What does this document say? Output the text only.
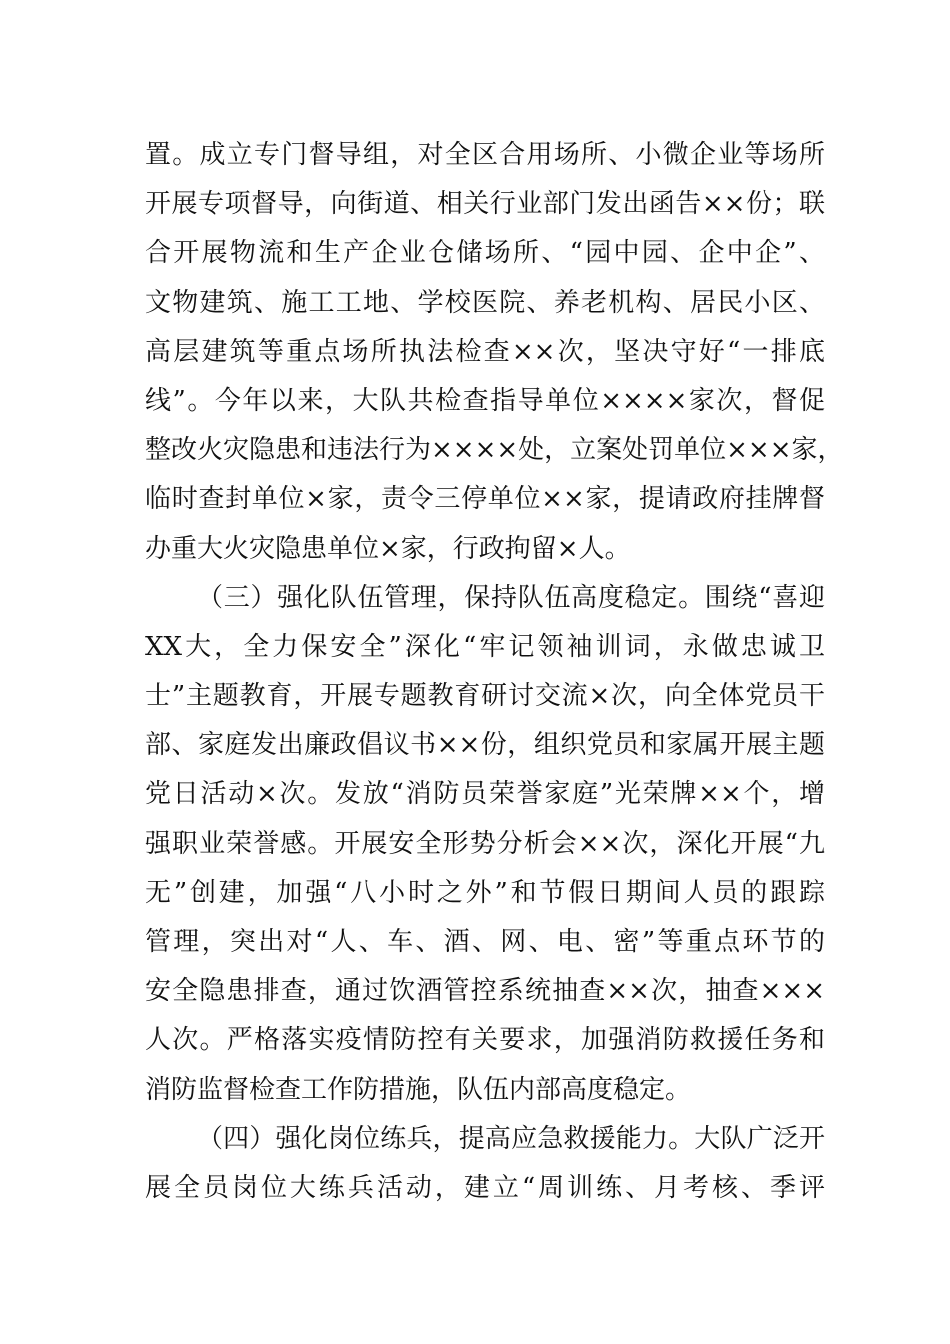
置。成立专门督导组，对全区合用场所、小微企业等场所
开展专项督导，向街道、相关行业部门发出函告××份；联
合开展物流和生产企业仓储场所、“园中园、企中企”、
文物建筑、施工工地、学校医院、养老机构、居民小区、
高层建筑等重点场所执法检查××次，坚决守好“一排底
线”。今年以来，大队共检查指导单位××××家次，督促
整改火灾隐患和违法行为××××处，立案处罚单位×××家，
临时查封单位×家，责令三停单位××家，提请政府挂牌督
办重大火灾隐患单位×家，行政拘留×人。
（三）强化队伍管理，保持队伍高度稳定。围绕“喜迎
XX大，全力保安全”深化“牢记领袖训词，永做忠诚卫
士”主题教育，开展专题教育研讨交流×次，向全体党员干
部、家庭发出廉政倡议书××份，组织党员和家属开展主题
党日活动×次。发放“消防员荣誉家庭”光荣牌××个，增
强职业荣誉感。开展安全形势分析会××次，深化开展“九
无”创建，加强“八小时之外”和节假日期间人员的跟踪
管理，突出对“人、车、酒、网、电、密”等重点环节的
安全隐患排查，通过饮酒管控系统抽查××次，抽查×××
人次。严格落实疫情防控有关要求，加强消防救援任务和
消防监督检查工作防措施，队伍内部高度稳定。
（四）强化岗位练兵，提高应急救援能力。大队广泛开
展全员岗位大练兵活动，建立“周训练、月考核、季评
